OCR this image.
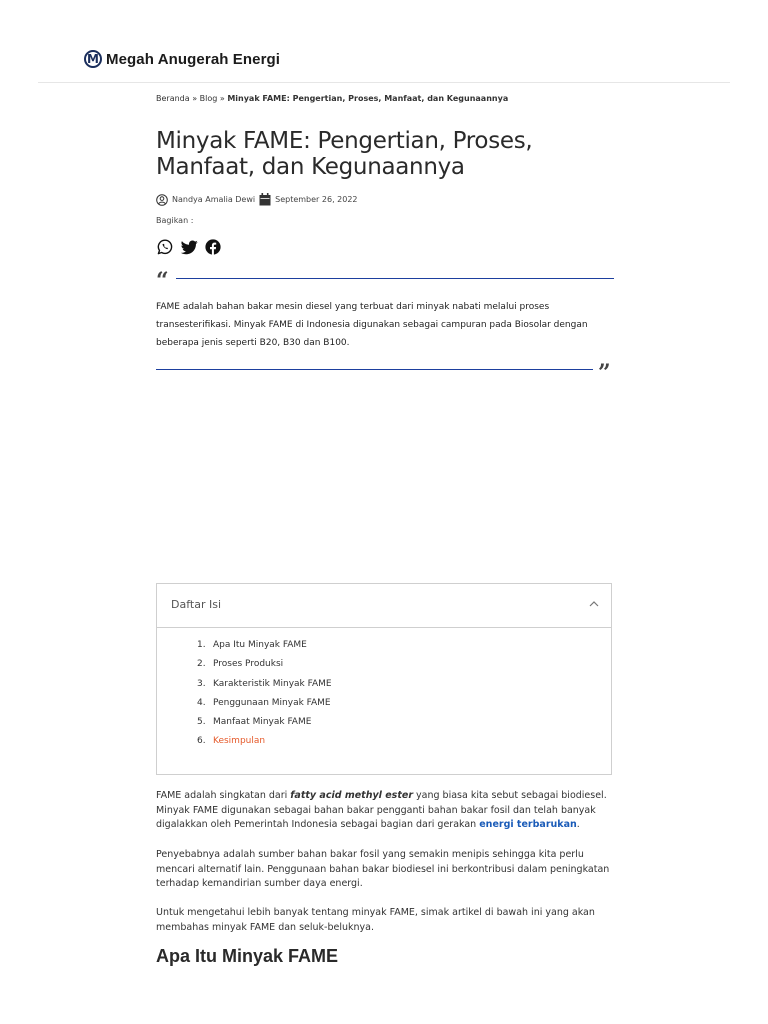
M Megah Anugerah Energi
Beranda » Blog » Minyak FAME: Pengertian, Proses, Manfaat, dan Kegunaannya
Minyak FAME: Pengertian, Proses,
Manfaat, dan Kegunaannya
Nandya Amalia Dewi	September 26, 2022
Bagikan :
“
FAME adalah bahan bakar mesin diesel yang terbuat dari minyak nabati melalui proses transesterifikasi. Minyak FAME di Indonesia digunakan sebagai campuran pada Biosolar dengan beberapa jenis seperti B20, B30 dan B100.
”
Daftar Isi
1. Apa Itu Minyak FAME
2. Proses Produksi
3. Karakteristik Minyak FAME
4. Penggunaan Minyak FAME
5. Manfaat Minyak FAME
6. Kesimpulan

FAME adalah singkatan dari fatty acid methyl ester yang biasa kita sebut sebagai biodiesel. Minyak FAME digunakan sebagai bahan bakar pengganti bahan bakar fosil dan telah banyak digalakkan oleh Pemerintah Indonesia sebagai bagian dari gerakan energi terbarukan.

Penyebabnya adalah sumber bahan bakar fosil yang semakin menipis sehingga kita perlu mencari alternatif lain. Penggunaan bahan bakar biodiesel ini berkontribusi dalam peningkatan terhadap kemandirian sumber daya energi.

Untuk mengetahui lebih banyak tentang minyak FAME, simak artikel di bawah ini yang akan membahas minyak FAME dan seluk-beluknya.

Apa Itu Minyak FAME
